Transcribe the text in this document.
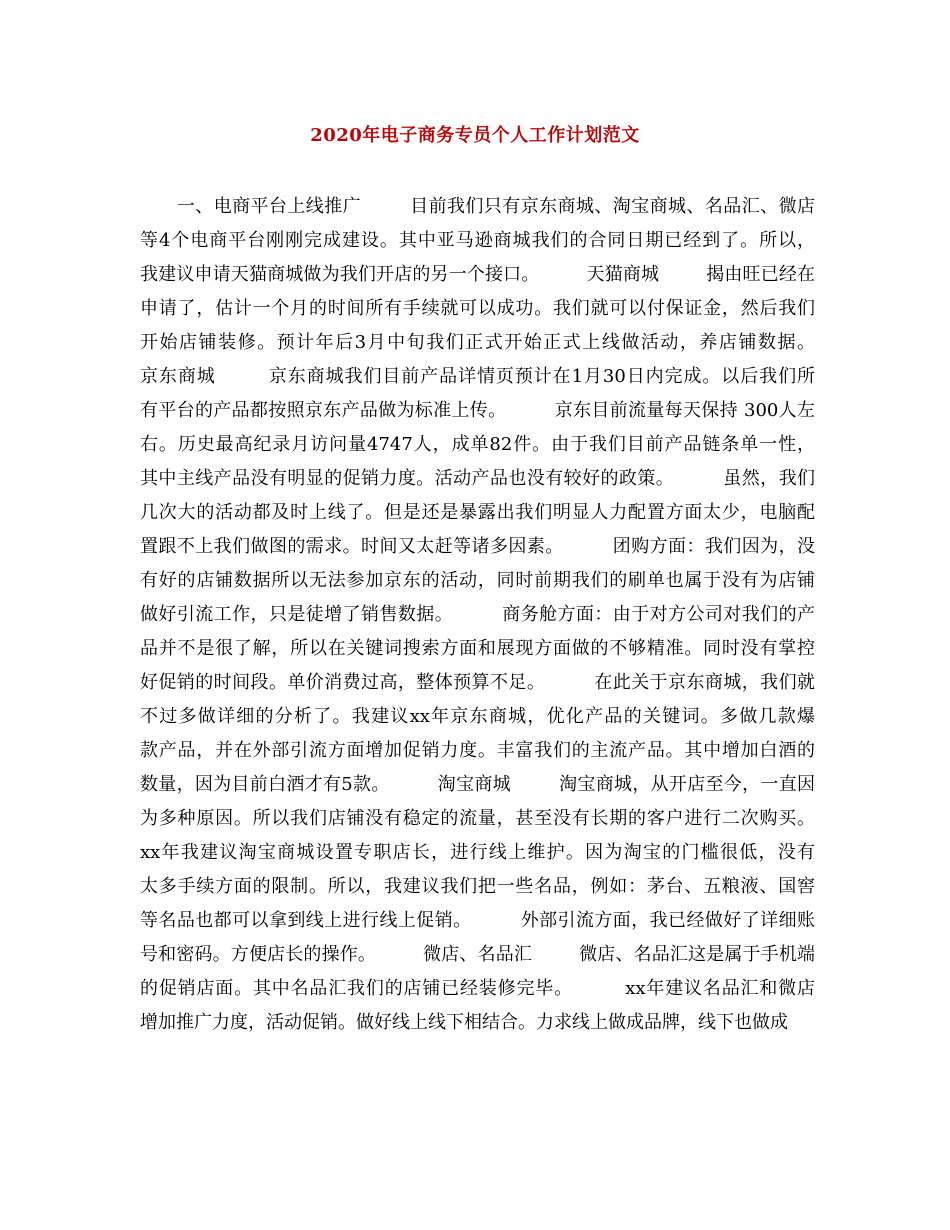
2020年电子商务专员个人工作计划范文
一、电商平台上线推广        目前我们只有京东商城、淘宝商城、名品汇、微店
等4个电商平台刚刚完成建设。其中亚马逊商城我们的合同日期已经到了。所以，
我建议申请天猫商城做为我们开店的另一个接口。        天猫商城        揭由旺已经在
申请了，估计一个月的时间所有手续就可以成功。我们就可以付保证金，然后我们
开始店铺装修。预计年后3月中旬我们正式开始正式上线做活动，养店铺数据。
京东商城        京东商城我们目前产品详情页预计在1月30日内完成。以后我们所
有平台的产品都按照京东产品做为标准上传。        京东目前流量每天保持 300人左
右。历史最高纪录月访问量4747人，成单82件。由于我们目前产品链条单一性，
其中主线产品没有明显的促销力度。活动产品也没有较好的政策。        虽然，我们
几次大的活动都及时上线了。但是还是暴露出我们明显人力配置方面太少，电脑配
置跟不上我们做图的需求。时间又太赶等诸多因素。        团购方面：我们因为，没
有好的店铺数据所以无法参加京东的活动，同时前期我们的刷单也属于没有为店铺
做好引流工作，只是徒增了销售数据。        商务舱方面：由于对方公司对我们的产
品并不是很了解，所以在关键词搜索方面和展现方面做的不够精准。同时没有掌控
好促销的时间段。单价消费过高，整体预算不足。        在此关于京东商城，我们就
不过多做详细的分析了。我建议xx年京东商城，优化产品的关键词。多做几款爆
款产品，并在外部引流方面增加促销力度。丰富我们的主流产品。其中增加白酒的
数量，因为目前白酒才有5款。        淘宝商城        淘宝商城，从开店至今，一直因
为多种原因。所以我们店铺没有稳定的流量，甚至没有长期的客户进行二次购买。
xx年我建议淘宝商城设置专职店长，进行线上维护。因为淘宝的门槛很低，没有
太多手续方面的限制。所以，我建议我们把一些名品，例如：茅台、五粮液、国窖
等名品也都可以拿到线上进行线上促销。        外部引流方面，我已经做好了详细账
号和密码。方便店长的操作。        微店、名品汇        微店、名品汇这是属于手机端
的促销店面。其中名品汇我们的店铺已经装修完毕。        xx年建议名品汇和微店
增加推广力度，活动促销。做好线上线下相结合。力求线上做成品牌，线下也做成
